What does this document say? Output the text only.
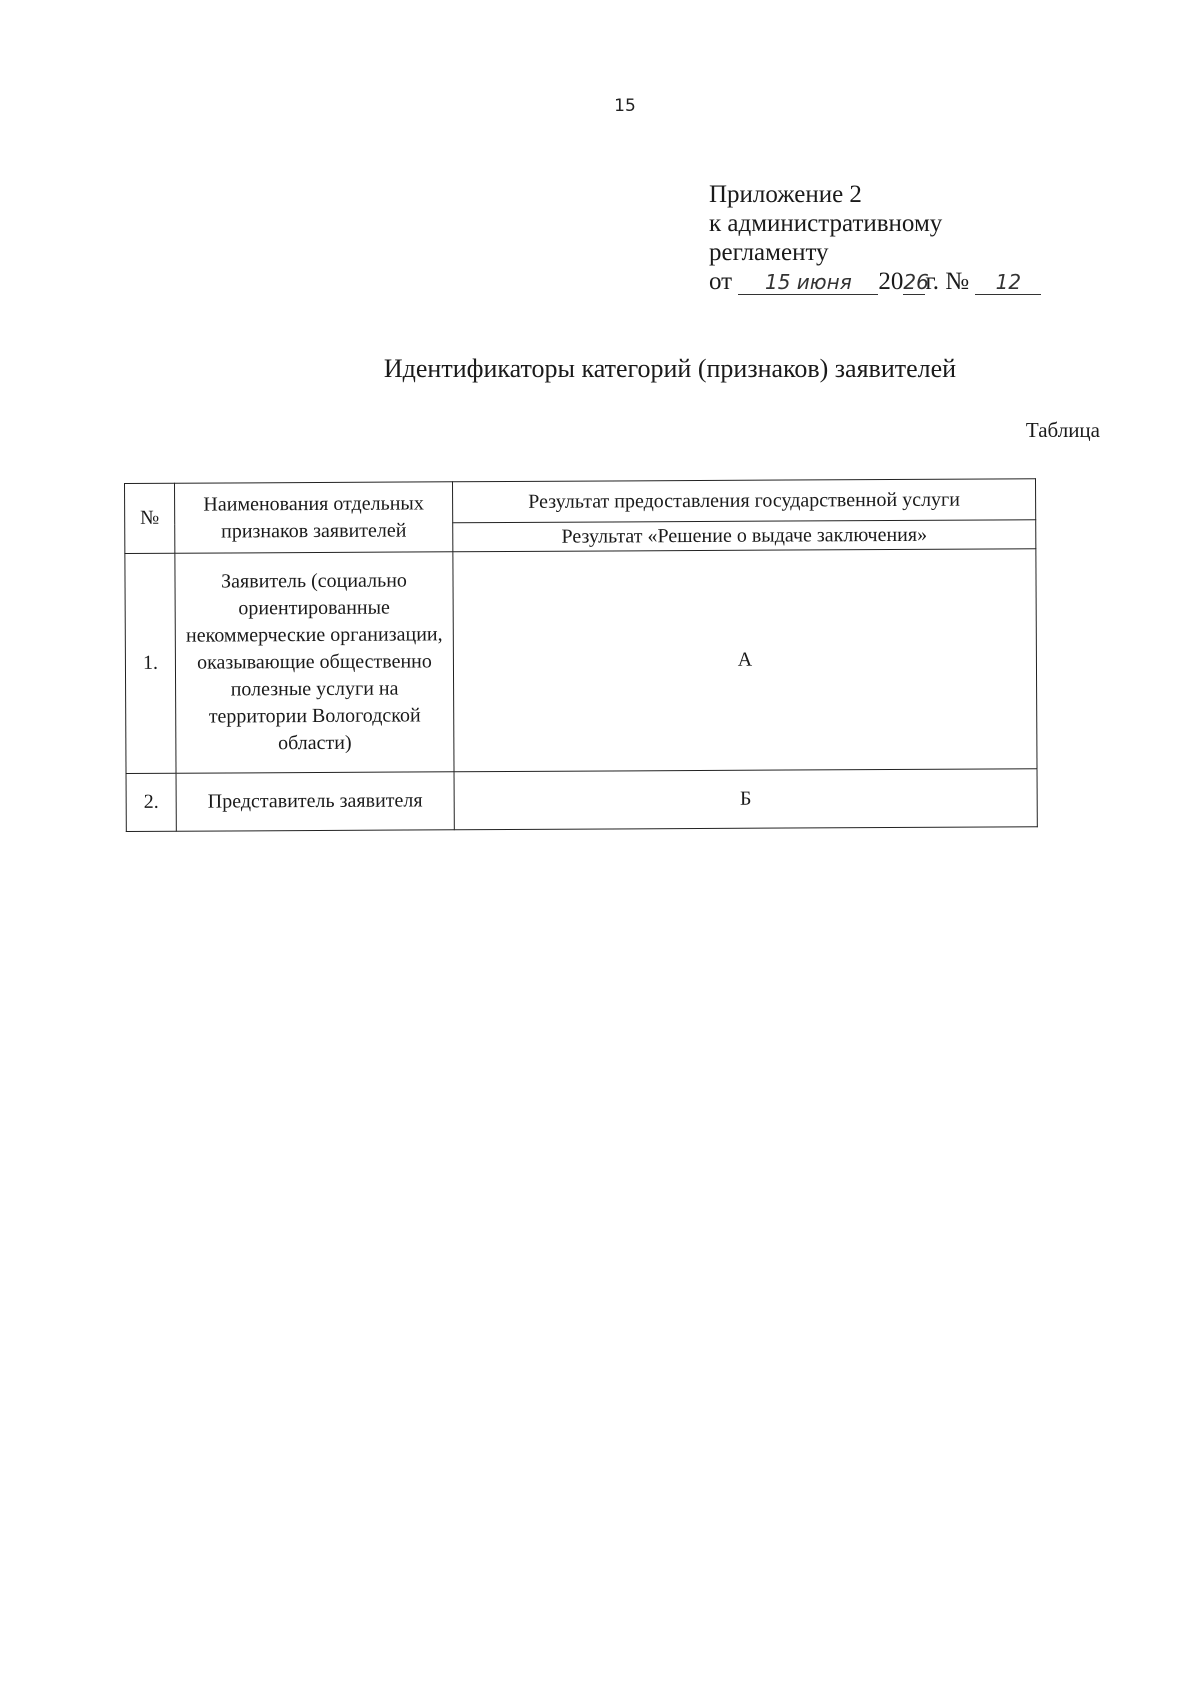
15
Приложение 2
к административному
регламенту
от 15 июня 2026г. № 12
Идентификаторы категорий (признаков) заявителей
Таблица
№	Наименования отдельных признаков заявителей	Результат предоставления государственной услуги
		Результат «Решение о выдаче заключения»
1.	Заявитель (социально ориентированные некоммерческие организации, оказывающие общественно полезные услуги на территории Вологодской области)	А
2.	Представитель заявителя	Б
